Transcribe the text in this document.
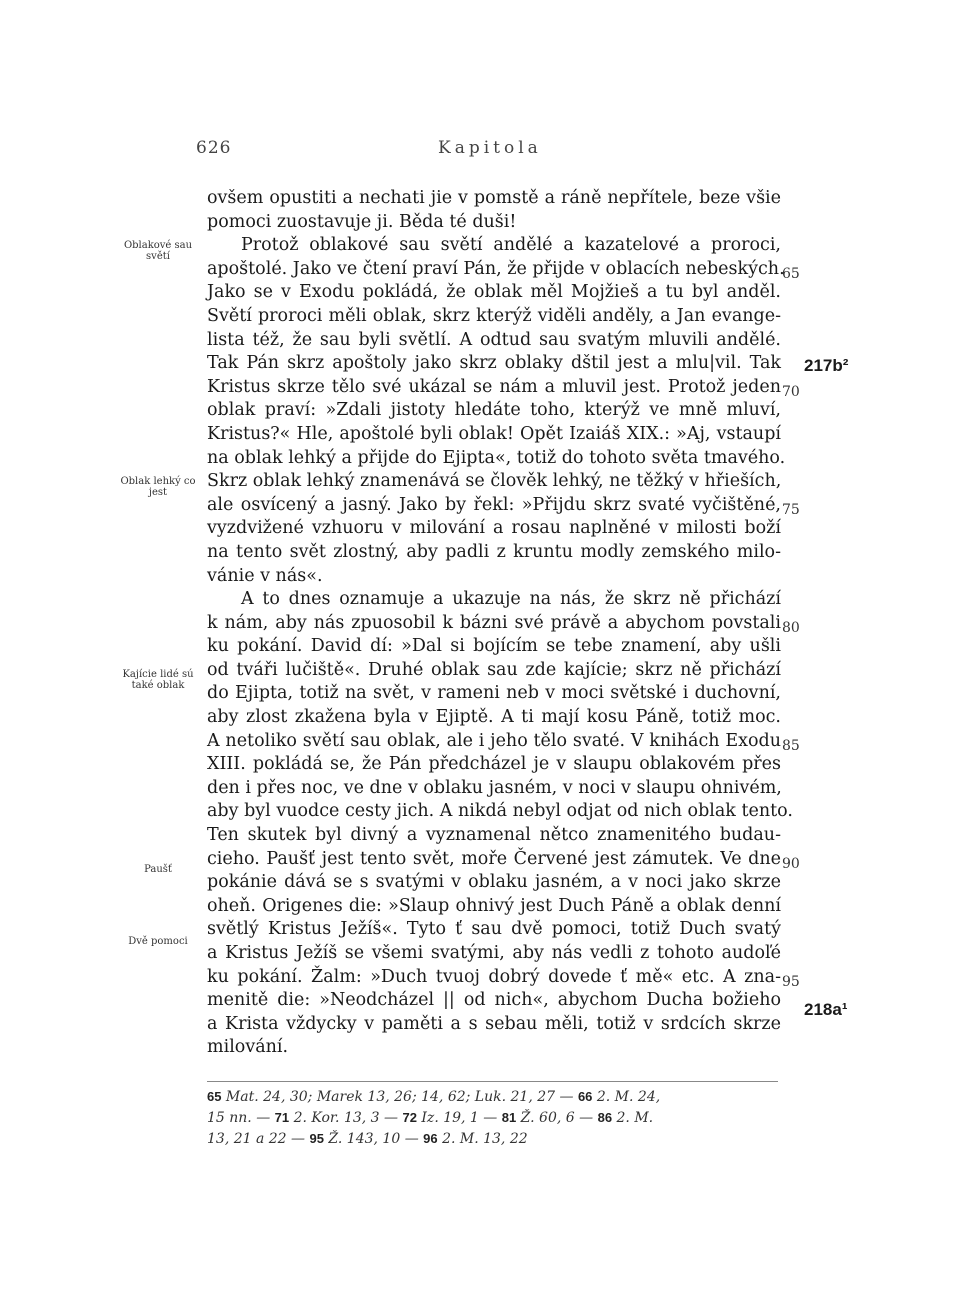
626	Kapitola
Oblakové sau světí
Oblak lehký co jest
Kajície lidé sú také oblak
Paušť
Dvě pomoci
65
70
75
80
85
90
95
217b²
218a¹
ovšem opustiti a nechati jie v pomstě a ráně nepřítele, beze všie
pomoci zuostavuje ji. Běda té duši!
Protož oblakové sau světí andělé a kazatelové a proroci,
apoštolé. Jako ve čtení praví Pán, že přijde v oblacích nebeských.
Jako se v Exodu pokládá, že oblak měl Mojžieš a tu byl anděl.
Světí proroci měli oblak, skrz kterýž viděli anděly, a Jan evange-
lista též, že sau byli světlí. A odtud sau svatým mluvili andělé.
Tak Pán skrz apoštoly jako skrz oblaky dštil jest a mlu|vil. Tak
Kristus skrze tělo své ukázal se nám a mluvil jest. Protož jeden
oblak praví: »Zdali jistoty hledáte toho, kterýž ve mně mluví,
Kristus?« Hle, apoštolé byli oblak! Opět Izaiáš XIX.: »Aj, vstaupí
na oblak lehký a přijde do Ejipta«, totiž do tohoto světa tmavého.
Skrz oblak lehký znamenává se člověk lehký, ne těžký v hřieších,
ale osvícený a jasný. Jako by řekl: »Přijdu skrz svaté vyčištěné,
vyzdvižené vzhuoru v milování a rosau naplněné v milosti boží
na tento svět zlostný, aby padli z kruntu modly zemského milo-
vánie v nás«.
A to dnes oznamuje a ukazuje na nás, že skrz ně přichází
k nám, aby nás zpuosobil k bázni své právě a abychom povstali
ku pokání. David dí: »Dal si bojícím se tebe znamení, aby ušli
od tváři lučiště«. Druhé oblak sau zde kajície; skrz ně přichází
do Ejipta, totiž na svět, v rameni neb v moci světské i duchovní,
aby zlost zkažena byla v Ejiptě. A ti mají kosu Páně, totiž moc.
A netoliko světí sau oblak, ale i jeho tělo svaté. V knihách Exodu
XIII. pokládá se, že Pán předcházel je v slaupu oblakovém přes
den i přes noc, ve dne v oblaku jasném, v noci v slaupu ohnivém,
aby byl vuodce cesty jich. A nikdá nebyl odjat od nich oblak tento.
Ten skutek byl divný a vyznamenal nětco znamenitého budau-
cieho. Paušť jest tento svět, moře Červené jest zámutek. Ve dne
pokánie dává se s svatými v oblaku jasném, a v noci jako skrze
oheň. Origenes die: »Slaup ohnivý jest Duch Páně a oblak denní
světlý Kristus Ježíš«. Tyto ť sau dvě pomoci, totiž Duch svatý
a Kristus Ježíš se všemi svatými, aby nás vedli z tohoto audoľé
ku pokání. Žalm: »Duch tvuoj dobrý dovede ť mě« etc. A zna-
menitě die: »Neodcházel || od nich«, abychom Ducha božieho
a Krista vždycky v paměti a s sebau měli, totiž v srdcích skrze
milování.
65 Mat. 24, 30; Marek 13, 26; 14, 62; Luk. 21, 27 — 66 2. M. 24,
15 nn. — 71 2. Kor. 13, 3 — 72 Iz. 19, 1 — 81 Ž. 60, 6 — 86 2. M.
13, 21 a 22 — 95 Ž. 143, 10 — 96 2. M. 13, 22
